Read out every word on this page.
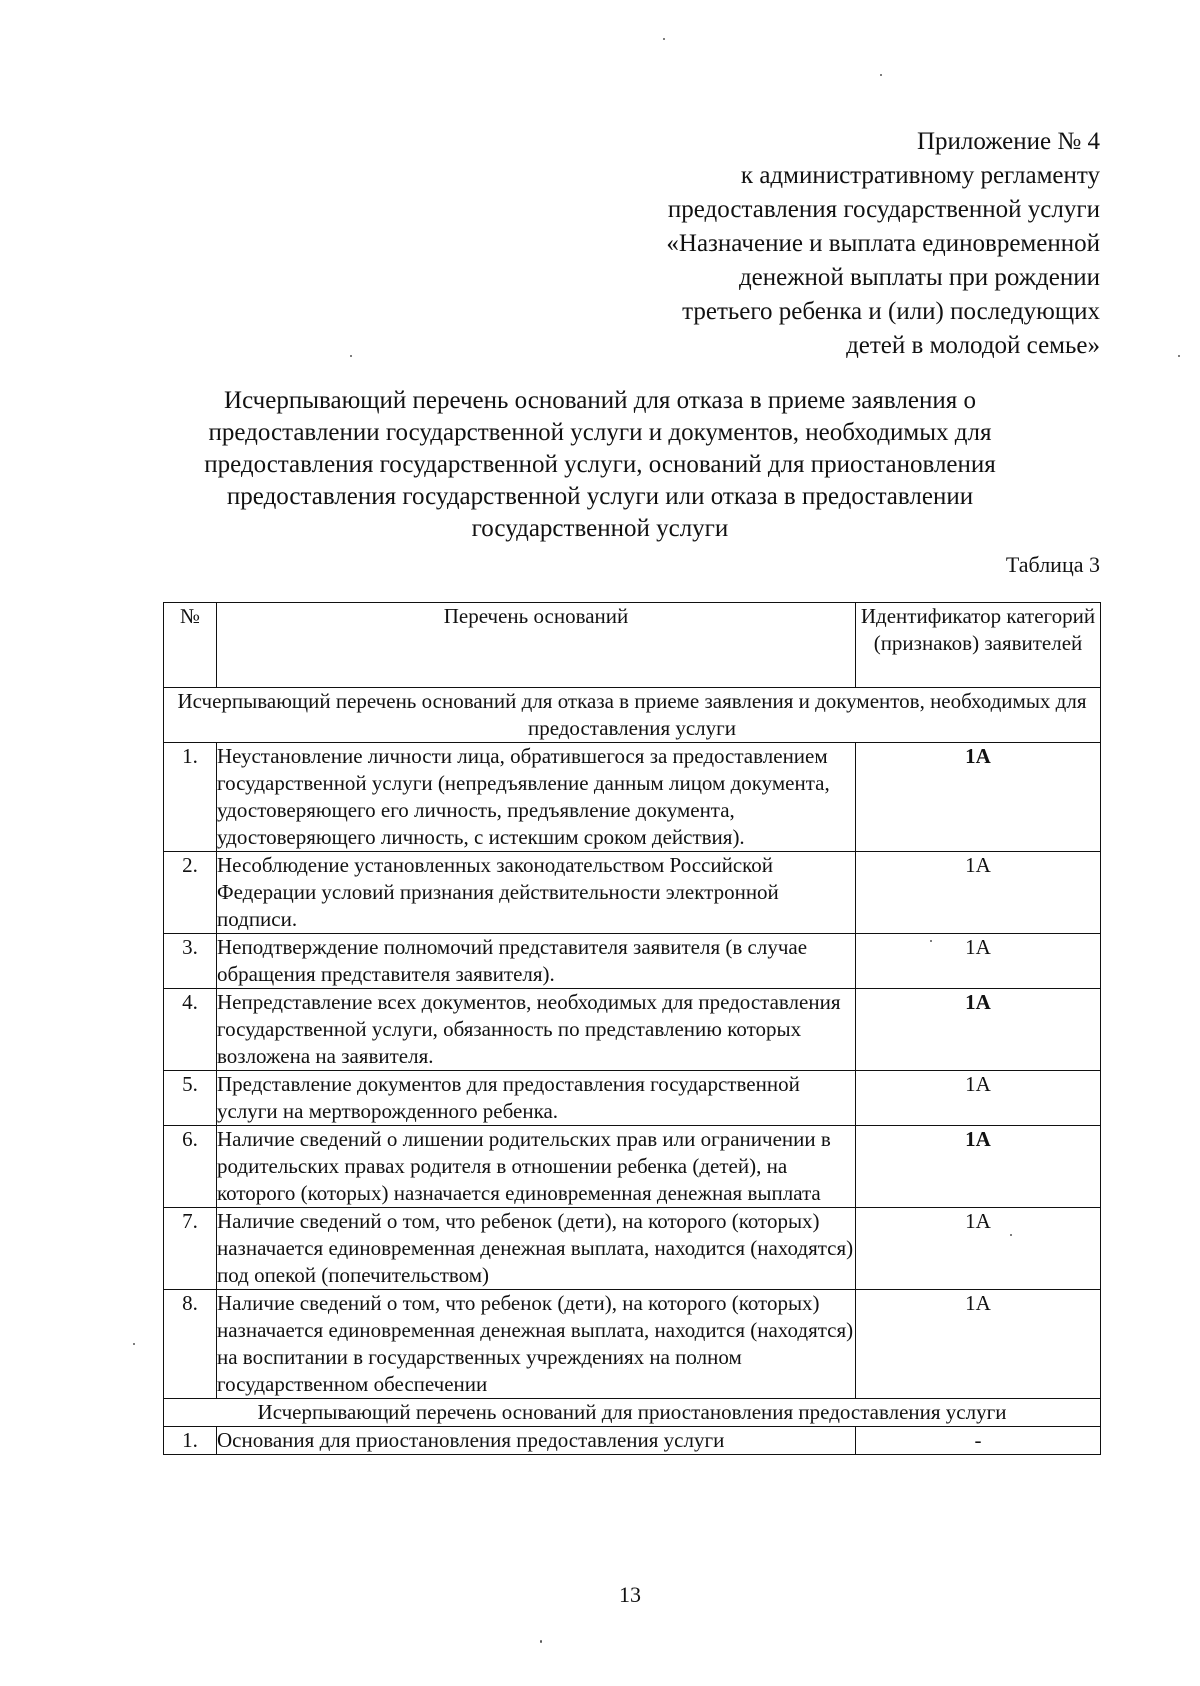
Приложение № 4
к административному регламенту
предоставления государственной услуги
«Назначение и выплата единовременной
денежной выплаты при рождении
третьего ребенка и (или) последующих
детей в молодой семье»
Исчерпывающий перечень оснований для отказа в приеме заявления о
предоставлении государственной услуги и документов, необходимых для
предоставления государственной услуги, оснований для приостановления
предоставления государственной услуги или отказа в предоставлении
государственной услуги
Таблица 3
№	Перечень оснований	Идентификатор категорий (признаков) заявителей
Исчерпывающий перечень оснований для отказа в приеме заявления и документов, необходимых для предоставления услуги		
1.	Неустановление личности лица, обратившегося за предоставлением государственной услуги (непредъявление данным лицом документа, удостоверяющего его личность, предъявление документа, удостоверяющего личность, с истекшим сроком действия).	1А
2.	Несоблюдение установленных законодательством Российской Федерации условий признания действительности электронной подписи.	1А
3.	Неподтверждение полномочий представителя заявителя (в случае обращения представителя заявителя).	1А
4.	Непредставление всех документов, необходимых для предоставления государственной услуги, обязанность по представлению которых возложена на заявителя.	1А
5.	Представление документов для предоставления государственной услуги на мертворожденного ребенка.	1А
6.	Наличие сведений о лишении родительских прав или ограничении в родительских правах родителя в отношении ребенка (детей), на которого (которых) назначается единовременная денежная выплата	1А
7.	Наличие сведений о том, что ребенок (дети), на которого (которых) назначается единовременная денежная выплата, находится (находятся) под опекой (попечительством)	1А
8.	Наличие сведений о том, что ребенок (дети), на которого (которых) назначается единовременная денежная выплата, находится (находятся) на воспитании в государственных учреждениях на полном государственном обеспечении	1А
Исчерпывающий перечень оснований для приостановления предоставления услуги		
1.	Основания для приостановления предоставления услуги	-
13
